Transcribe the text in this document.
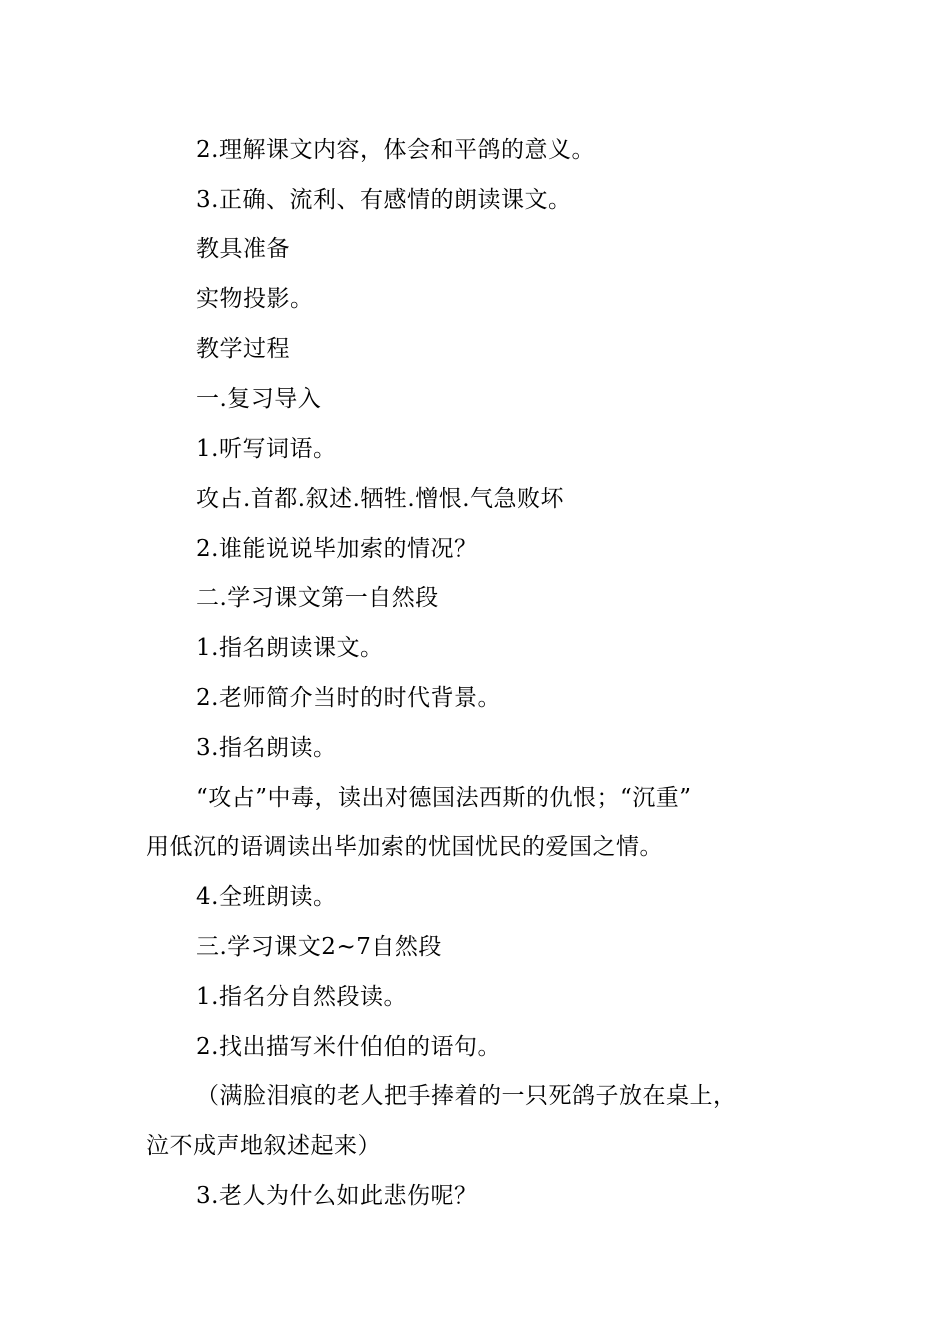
2.理解课文内容，体会和平鸽的意义。
3.正确、流利、有感情的朗读课文。
教具准备
实物投影。
教学过程
一.复习导入
1.听写词语。
攻占.首都.叙述.牺牲.憎恨.气急败坏
2.谁能说说毕加索的情况？
二.学习课文第一自然段
1.指名朗读课文。
2.老师简介当时的时代背景。
3.指名朗读。
“攻占”中毒，读出对德国法西斯的仇恨；“沉重”
用低沉的语调读出毕加索的忧国忧民的爱国之情。
4.全班朗读。
三.学习课文2~7自然段
1.指名分自然段读。
2.找出描写米什伯伯的语句。
（满脸泪痕的老人把手捧着的一只死鸽子放在桌上，
泣不成声地叙述起来）
3.老人为什么如此悲伤呢？
